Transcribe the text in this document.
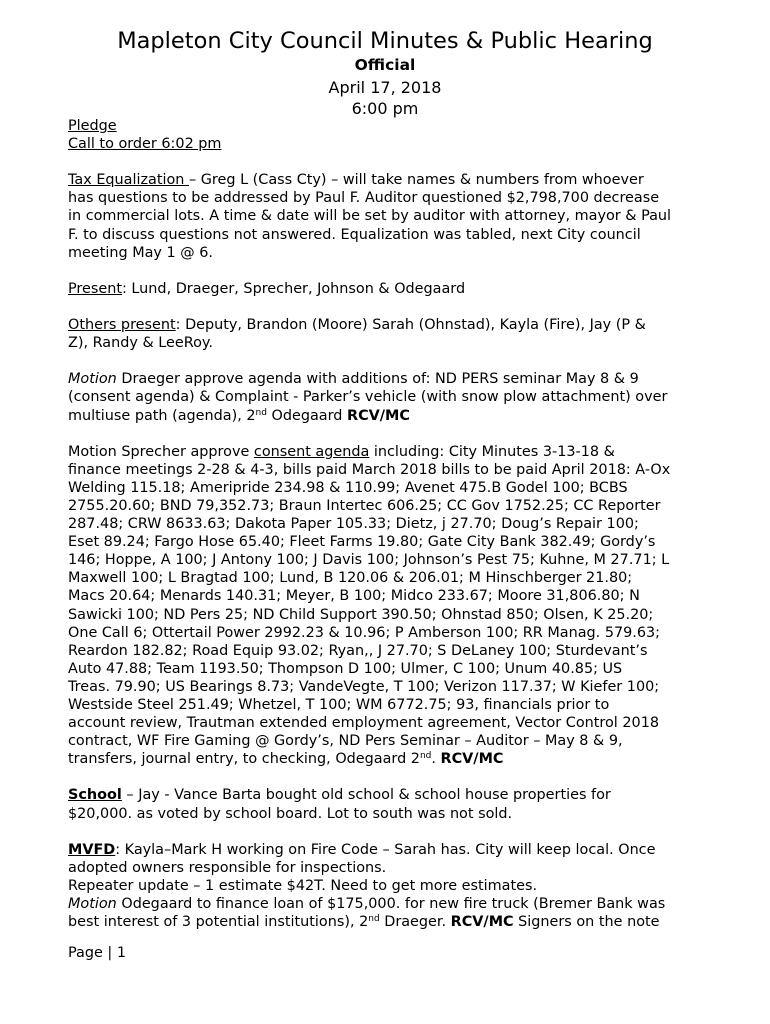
Mapleton City Council Minutes & Public Hearing
Official
April 17, 2018
6:00 pm
Pledge
Call to order 6:02 pm
Tax Equalization – Greg L (Cass Cty) – will take names & numbers from whoever
has questions to be addressed by Paul F. Auditor questioned $2,798,700 decrease
in commercial lots. A time & date will be set by auditor with attorney, mayor & Paul
F. to discuss questions not answered. Equalization was tabled, next City council
meeting May 1 @ 6.
Present: Lund, Draeger, Sprecher, Johnson & Odegaard
Others present: Deputy, Brandon (Moore) Sarah (Ohnstad), Kayla (Fire), Jay (P &
Z), Randy & LeeRoy.
Motion Draeger approve agenda with additions of: ND PERS seminar May 8 & 9
(consent agenda) & Complaint - Parker’s vehicle (with snow plow attachment) over
multiuse path (agenda), 2nd Odegaard RCV/MC
Motion Sprecher approve consent agenda including: City Minutes 3-13-18 &
finance meetings 2-28 & 4-3, bills paid March 2018 bills to be paid April 2018: A-Ox
Welding 115.18; Ameripride 234.98 & 110.99; Avenet 475.B Godel 100; BCBS
2755.20.60; BND 79,352.73; Braun Intertec 606.25; CC Gov 1752.25; CC Reporter
287.48; CRW 8633.63; Dakota Paper 105.33; Dietz, j 27.70; Doug’s Repair 100;
Eset 89.24; Fargo Hose 65.40; Fleet Farms 19.80; Gate City Bank 382.49; Gordy’s
146; Hoppe, A 100; J Antony 100; J Davis 100; Johnson’s Pest 75; Kuhne, M 27.71; L
Maxwell 100; L Bragtad 100; Lund, B 120.06 & 206.01; M Hinschberger 21.80;
Macs 20.64; Menards 140.31; Meyer, B 100; Midco 233.67; Moore 31,806.80; N
Sawicki 100; ND Pers 25; ND Child Support 390.50; Ohnstad 850; Olsen, K 25.20;
One Call 6; Ottertail Power 2992.23 & 10.96; P Amberson 100; RR Manag. 579.63;
Reardon 182.82; Road Equip 93.02; Ryan,, J 27.70; S DeLaney 100; Sturdevant’s
Auto 47.88; Team 1193.50; Thompson D 100; Ulmer, C 100; Unum 40.85; US
Treas. 79.90; US Bearings 8.73; VandeVegte, T 100; Verizon 117.37; W Kiefer 100;
Westside Steel 251.49; Whetzel, T 100; WM 6772.75; 93, financials prior to
account review, Trautman extended employment agreement, Vector Control 2018
contract, WF Fire Gaming @ Gordy’s, ND Pers Seminar – Auditor – May 8 & 9,
transfers, journal entry, to checking, Odegaard 2nd. RCV/MC
School – Jay - Vance Barta bought old school & school house properties for
$20,000. as voted by school board. Lot to south was not sold.
MVFD: Kayla–Mark H working on Fire Code – Sarah has. City will keep local. Once
adopted owners responsible for inspections.
Repeater update – 1 estimate $42T. Need to get more estimates.
Motion Odegaard to finance loan of $175,000. for new fire truck (Bremer Bank was
best interest of 3 potential institutions), 2nd Draeger. RCV/MC Signers on the note
Page | 1
